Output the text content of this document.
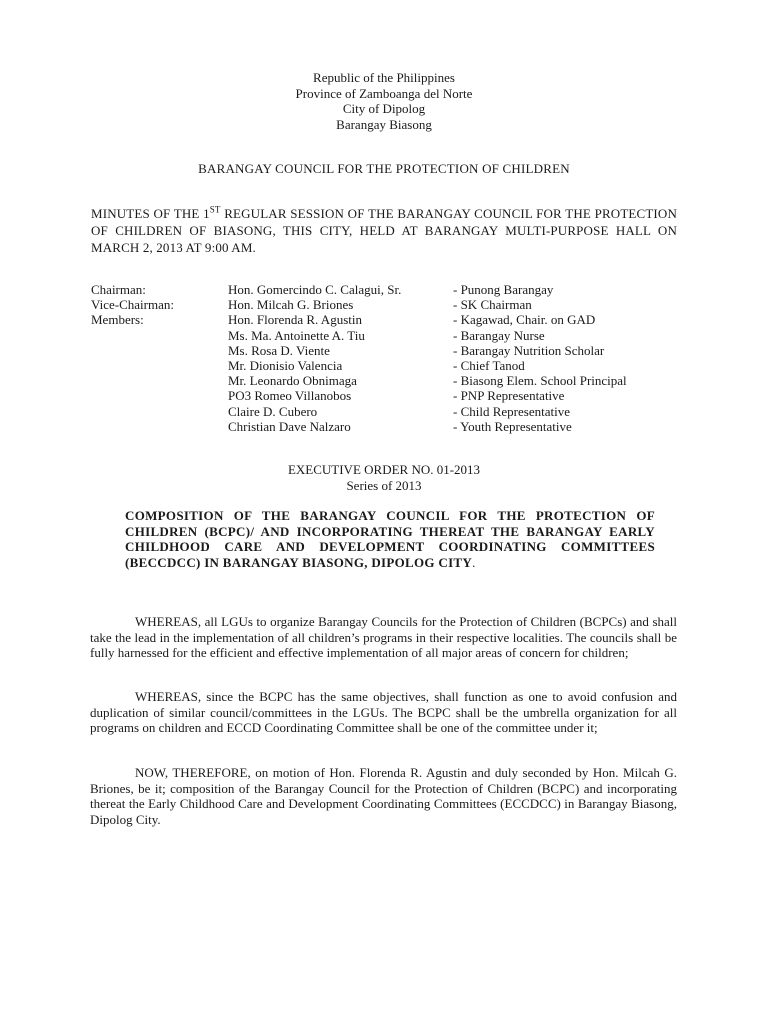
Republic of the Philippines
Province of Zamboanga del Norte
City of Dipolog
Barangay Biasong
BARANGAY COUNCIL FOR THE PROTECTION OF CHILDREN
MINUTES OF THE 1ST REGULAR SESSION OF THE BARANGAY COUNCIL FOR THE PROTECTION OF CHILDREN OF BIASONG, THIS CITY, HELD AT BARANGAY MULTI-PURPOSE HALL ON MARCH 2, 2013 AT 9:00 AM.
Chairman:	Hon. Gomercindo C. Calagui, Sr.	- Punong Barangay
Vice-Chairman:	Hon. Milcah G. Briones	- SK Chairman
Members:	Hon. Florenda R. Agustin	- Kagawad, Chair. on GAD
	Ms. Ma. Antoinette A. Tiu	- Barangay Nurse
	Ms. Rosa D. Viente	- Barangay Nutrition Scholar
	Mr. Dionisio Valencia	- Chief Tanod
	Mr. Leonardo Obnimaga	- Biasong Elem. School Principal
	PO3 Romeo Villanobos	- PNP Representative
	Claire D. Cubero	- Child Representative
	Christian Dave Nalzaro	- Youth Representative
EXECUTIVE ORDER NO. 01-2013
Series of 2013
COMPOSITION OF THE BARANGAY COUNCIL FOR THE PROTECTION OF CHILDREN (BCPC)/ AND INCORPORATING THEREAT THE BARANGAY EARLY CHILDHOOD CARE AND DEVELOPMENT COORDINATING COMMITTEES (BECCDCC) IN BARANGAY BIASONG, DIPOLOG CITY.
WHEREAS, all LGUs to organize Barangay Councils for the Protection of Children (BCPCs) and shall take the lead in the implementation of all children’s programs in their respective localities. The councils shall be fully harnessed for the efficient and effective implementation of all major areas of concern for children;
WHEREAS, since the BCPC has the same objectives, shall function as one to avoid confusion and duplication of similar council/committees in the LGUs. The BCPC shall be the umbrella organization for all programs on children and ECCD Coordinating Committee shall be one of the committee under it;
NOW, THEREFORE, on motion of Hon. Florenda R. Agustin and duly seconded by Hon. Milcah G. Briones, be it; composition of the Barangay Council for the Protection of Children (BCPC) and incorporating thereat the Early Childhood Care and Development Coordinating Committees (ECCDCC) in Barangay Biasong, Dipolog City.
